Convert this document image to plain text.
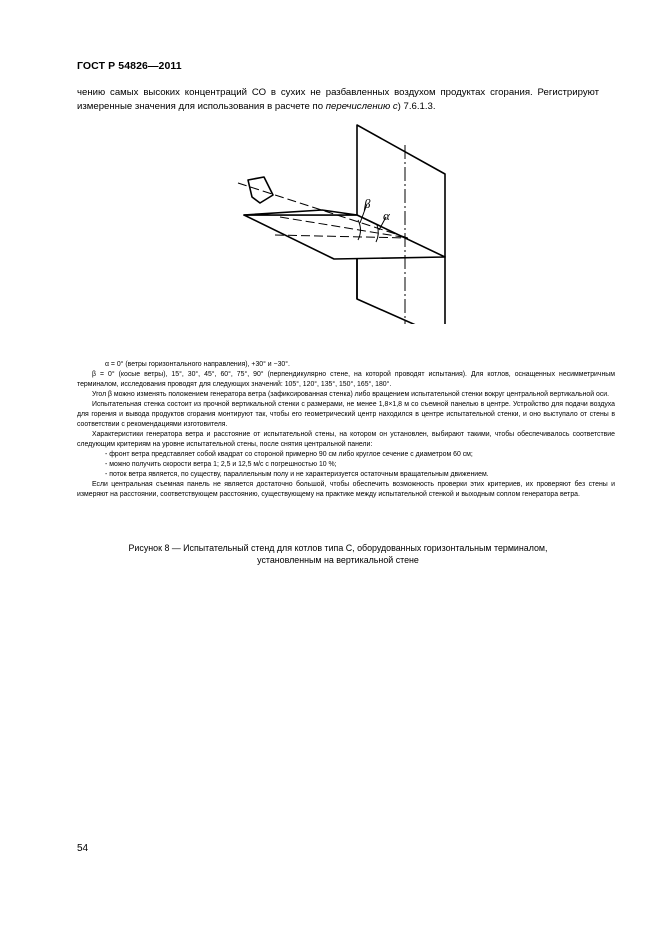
ГОСТ Р 54826—2011

чению самых высоких концентраций СО в сухих не разбавленных воздухом продуктах сгорания. Регистрируют измеренные значения для использования в расчете по перечислению с) 7.6.1.3.

β
α

α = 0° (ветры горизонтального направления), +30° и −30°.

β = 0° (косые ветры), 15°, 30°, 45°, 60°, 75°, 90° (перпендикулярно стене, на которой проводят испытания). Для котлов, оснащенных несимметричным терминалом, исследования проводят для следующих значений: 105°, 120°, 135°, 150°, 165°, 180°.

Угол β можно изменять положением генератора ветра (зафиксированная стенка) либо вращением испытательной стенки вокруг центральной вертикальной оси.

Испытательная стенка состоит из прочной вертикальной стенки с размерами, не менее 1,8×1,8 м со съемной панелью в центре. Устройство для подачи воздуха для горения и вывода продуктов сгорания монтируют так, чтобы его геометрический центр находился в центре испытательной стенки, и оно выступало от стены в соответствии с рекомендациями изготовителя.

Характеристики генератора ветра и расстояние от испытательной стены, на котором он установлен, выбирают такими, чтобы обеспечивалось соответствие следующим критериям на уровне испытательной стены, после снятия центральной панели:

- фронт ветра представляет собой квадрат со стороной примерно 90 см либо круглое сечение с диаметром 60 см;

- можно получить скорости ветра 1; 2,5 и 12,5 м/с с погрешностью 10 %;

- поток ветра является, по существу, параллельным полу и не характеризуется остаточным вращательным движением.

Если центральная съемная панель не является достаточно большой, чтобы обеспечить возможность проверки этих критериев, их проверяют без стены и измеряют на расстоянии, соответствующем расстоянию, существующему на практике между испытательной стенкой и выходным соплом генератора ветра.

Рисунок 8 — Испытательный стенд для котлов типа С, оборудованных горизонтальным терминалом,
установленным на вертикальной стене
54
